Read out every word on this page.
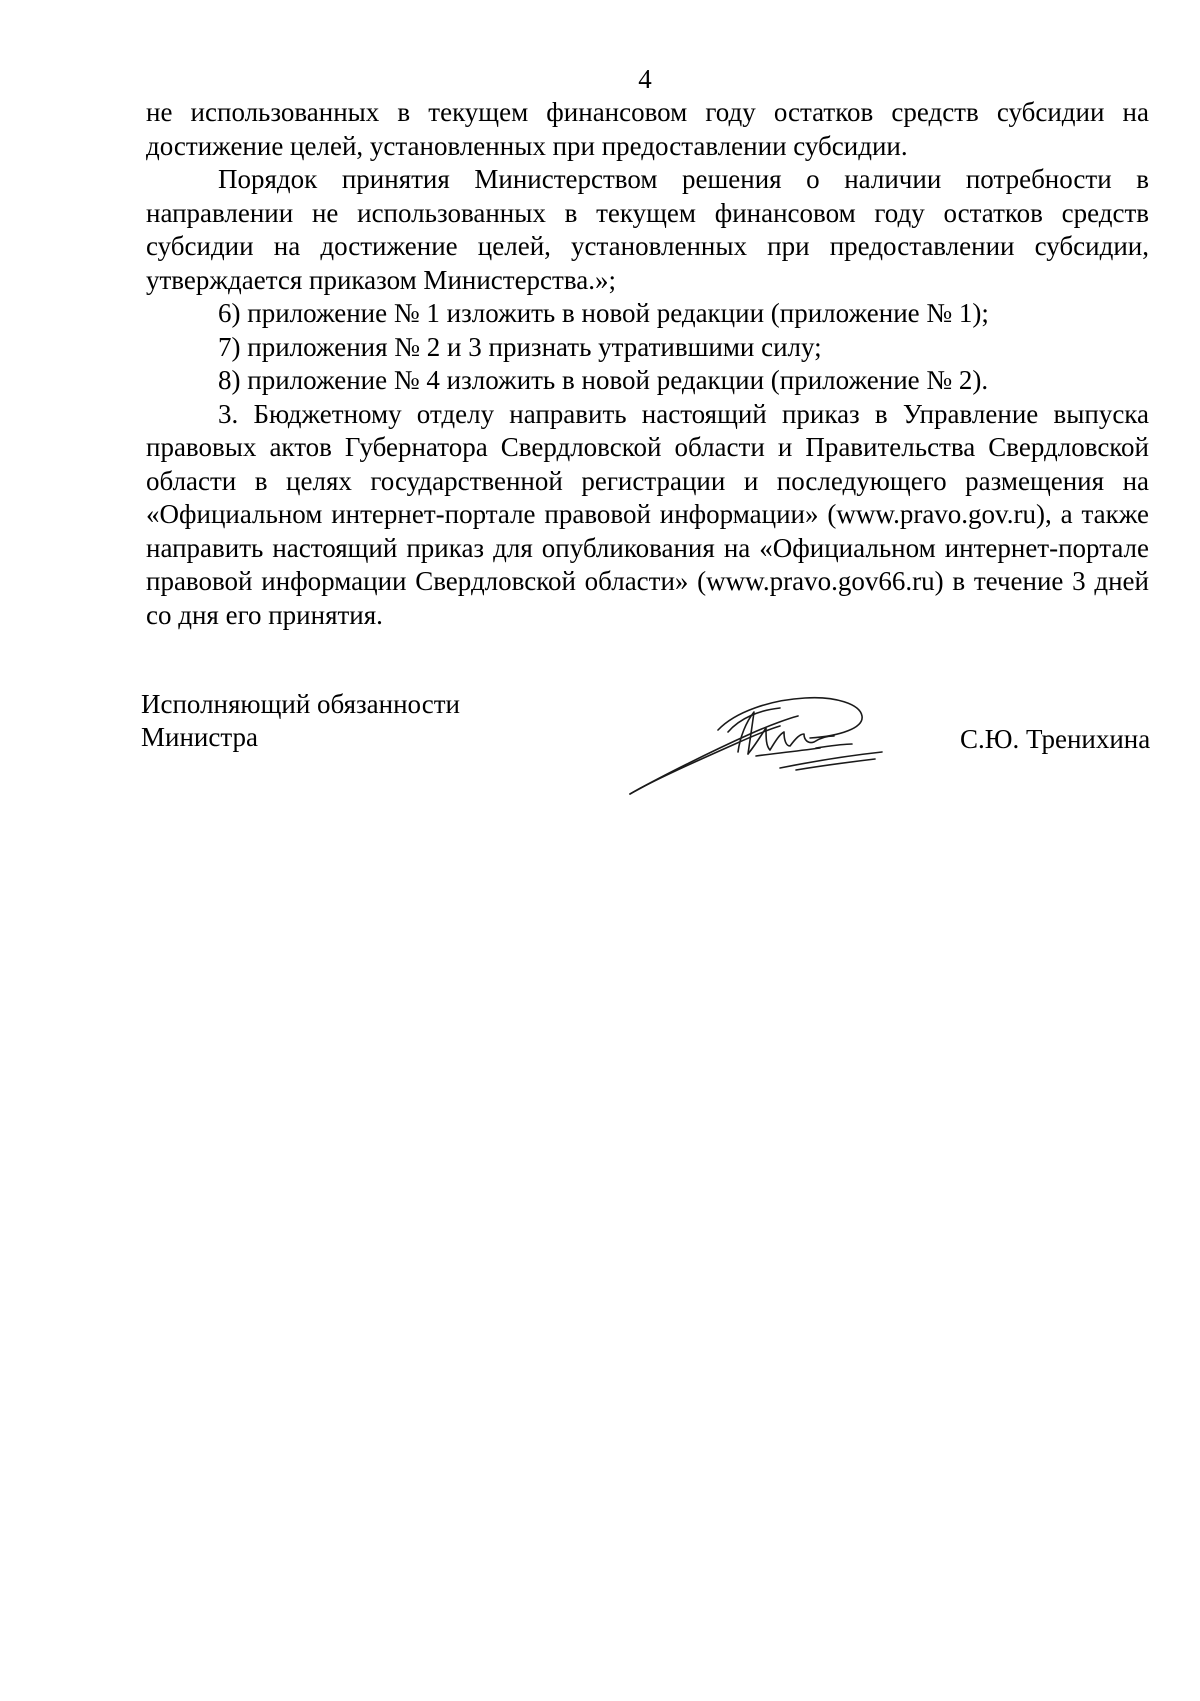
4

не использованных в текущем финансовом году остатков средств субсидии на достижение целей, установленных при предоставлении субсидии.

Порядок принятия Министерством решения о наличии потребности в направлении не использованных в текущем финансовом году остатков средств субсидии на достижение целей, установленных при предоставлении субсидии, утверждается приказом Министерства.»;

6) приложение № 1 изложить в новой редакции (приложение № 1);

7) приложения № 2 и 3 признать утратившими силу;

8) приложение № 4 изложить в новой редакции (приложение № 2).

3. Бюджетному отделу направить настоящий приказ в Управление выпуска правовых актов Губернатора Свердловской области и Правительства Свердловской области в целях государственной регистрации и последующего размещения на «Официальном интернет-портале правовой информации» (www.pravo.gov.ru), а также направить настоящий приказ для опубликования на «Официальном интернет-портале правовой информации Свердловской области» (www.pravo.gov66.ru) в течение 3 дней со дня его принятия.

Исполняющий обязанности
Министра	С.Ю. Тренихина
